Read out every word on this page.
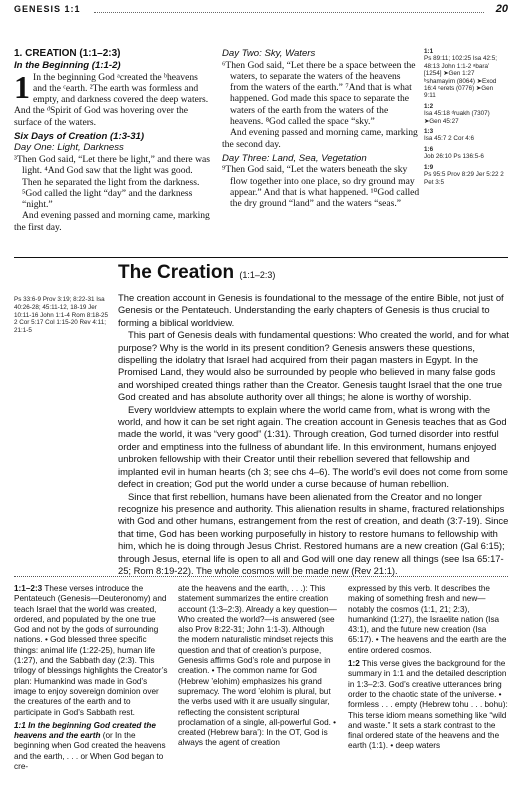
GENESIS 1:1	20
1. CREATION (1:1–2:3)
In the Beginning (1:1-2)

1 In the beginning God ᵃcreated the ᵇheavens and the ᶜearth. ²The earth was formless and empty, and darkness covered the deep waters. And the ᵈSpirit of God was hovering over the surface of the waters.

Six Days of Creation (1:3-31)
Day One: Light, Darkness

³Then God said, “Let there be light,” and there was light. ⁴And God saw that the light was good. Then he separated the light from the darkness. ⁵God called the light “day” and the darkness “night.”

And evening passed and morning came, marking the first day.

Day Two: Sky, Waters

⁶Then God said, “Let there be a space between the waters, to separate the waters of the heavens from the waters of the earth.” ⁷And that is what happened. God made this space to separate the waters of the earth from the waters of the heavens. ⁸God called the space “sky.”

And evening passed and morning came, marking the second day.

Day Three: Land, Sea, Vegetation

⁹Then God said, “Let the waters beneath the sky flow together into one place, so dry ground may appear.” And that is what happened. ¹⁰God called the dry ground “land” and the waters “seas.”

1:1
Ps 89:11; 102:25 Isa 42:5; 48:13 John 1:1-2 ᵃbara’ [1254] ➤Gen 1:27 ᵇshamayim (8064) ➤Exod 16:4 ᶜerets (0776) ➤Gen 9:11
1:2
Isa 45:18 ᵈruakh (7307) ➤Gen 45:27
1:3
Isa 45:7 2 Cor 4:6
1:6
Job 26:10 Ps 136:5-6
1:9
Ps 95:5 Prov 8:29 Jer 5:22 2 Pet 3:5
The Creation (1:1–2:3)
Ps 33:6-9 Prov 3:19; 8:22-31 Isa 40:26-28; 45:11-12, 18-19 Jer 10:11-16 John 1:1-4 Rom 8:18-25 2 Cor 5:17 Col 1:15-20 Rev 4:11; 21:1-5

The creation account in Genesis is foundational to the message of the entire Bible, not just of Genesis or the Pentateuch. Understanding the early chapters of Genesis is thus crucial to forming a biblical worldview.

This part of Genesis deals with fundamental questions: Who created the world, and for what purpose? Why is the world in its present condition? Genesis answers these questions, dispelling the idolatry that Israel had acquired from their pagan masters in Egypt. In the Promised Land, they would also be surrounded by people who believed in many false gods and worshiped created things rather than the Creator. Genesis taught Israel that the one true God created and has absolute authority over all things; he alone is worthy of worship.

Every worldview attempts to explain where the world came from, what is wrong with the world, and how it can be set right again. The creation account in Genesis teaches that as God made the world, it was “very good” (1:31). Through creation, God turned disorder into restful order and emptiness into the fullness of abundant life. In this environment, humans enjoyed unbroken fellowship with their Creator until their rebellion severed that fellowship and implanted evil in human hearts (ch 3; see chs 4–6). The world’s evil does not come from some defect in creation; God put the world under a curse because of human rebellion.

Since that first rebellion, humans have been alienated from the Creator and no longer recognize his presence and authority. This alienation results in shame, fractured relationships with God and other humans, estrangement from the rest of creation, and death (3:7-19). Since that time, God has been working purposefully in history to restore humans to fellowship with him, which he is doing through Jesus Christ. Restored humans are a new creation (Gal 6:15); through Jesus, eternal life is open to all and God will one day renew all things (see Isa 65:17-25; Rom 8:19-22). The whole cosmos will be made new (Rev 21:1).

1:1–2:3 These verses introduce the Pentateuch (Genesis—Deuteronomy) and teach Israel that the world was created, ordered, and populated by the one true God and not by the gods of surrounding nations. • God blessed three specific things: animal life (1:22-25), human life (1:27), and the Sabbath day (2:3). This trilogy of blessings highlights the Creator’s plan: Humankind was made in God’s image to enjoy sovereign dominion over the creatures of the earth and to participate in God’s Sabbath rest.

1:1 In the beginning God created the heavens and the earth (or In the beginning when God created the heavens and the earth, . . . or When God began to cre-

ate the heavens and the earth, . . .): This statement summarizes the entire creation account (1:3–2:3). Already a key question—Who created the world?—is answered (see also Prov 8:22-31; John 1:1-3). Although the modern naturalistic mindset rejects this question and that of creation’s purpose, Genesis affirms God’s role and purpose in creation. • The common name for God (Hebrew ’elohim) emphasizes his grand supremacy. The word ’elohim is plural, but the verbs used with it are usually singular, reflecting the consistent scriptural proclamation of a single, all-powerful God. • created (Hebrew bara’): In the OT, God is always the agent of creation

expressed by this verb. It describes the making of something fresh and new—notably the cosmos (1:1, 21; 2:3), humankind (1:27), the Israelite nation (Isa 43:1), and the future new creation (Isa 65:17). • The heavens and the earth are the entire ordered cosmos.

1:2 This verse gives the background for the summary in 1:1 and the detailed description in 1:3–2:3. God’s creative utterances bring order to the chaotic state of the universe. • formless . . . empty (Hebrew tohu . . . bohu): This terse idiom means something like “wild and waste.” It sets a stark contrast to the final ordered state of the heavens and the earth (1:1). • deep waters
